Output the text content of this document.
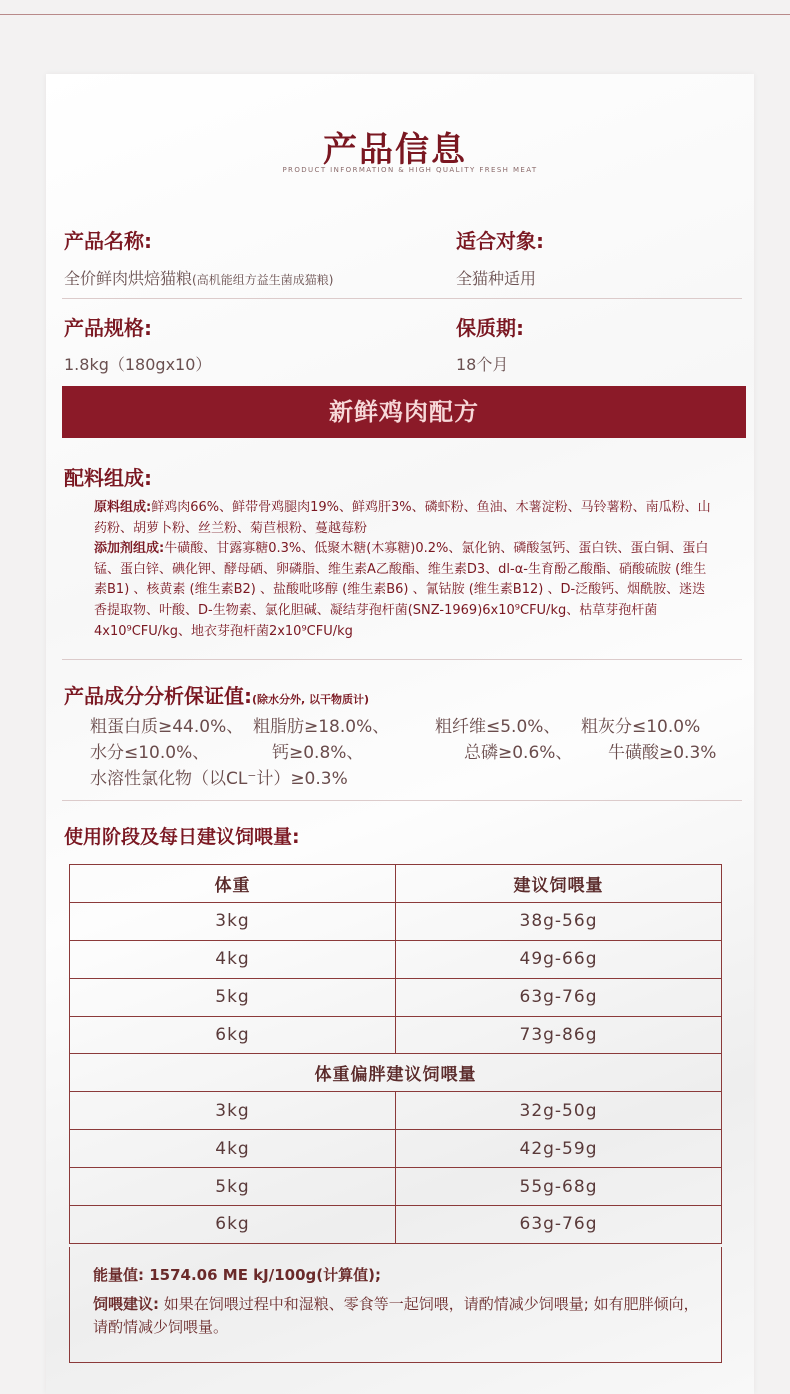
产品信息
PRODUCT INFORMATION & HIGH QUALITY FRESH MEAT
产品名称:
全价鲜肉烘焙猫粮(高机能组方益生菌成猫粮)
适合对象:
全猫种适用
产品规格:
1.8kg（180gx10）
保质期:
18个月
新鲜鸡肉配方
配料组成:
原料组成:鲜鸡肉66%、鲜带骨鸡腿肉19%、鲜鸡肝3%、磷虾粉、鱼油、木薯淀粉、马铃薯粉、南瓜粉、山药粉、胡萝卜粉、丝兰粉、菊苣根粉、蔓越莓粉
添加剂组成:牛磺酸、甘露寡糖0.3%、低聚木糖(木寡糖)0.2%、氯化钠、磷酸氢钙、蛋白铁、蛋白铜、蛋白锰、蛋白锌、碘化钾、酵母硒、卵磷脂、维生素A乙酸酯、维生素D3、dl-α-生育酚乙酸酯、硝酸硫胺 (维生素B1) 、核黄素 (维生素B2) 、盐酸吡哆醇 (维生素B6) 、氰钴胺 (维生素B12) 、D-泛酸钙、烟酰胺、迷迭香提取物、叶酸、D-生物素、氯化胆碱、凝结芽孢杆菌(SNZ-1969)6x10⁹CFU/kg、枯草芽孢杆菌4x10⁹CFU/kg、地衣芽孢杆菌2x10⁹CFU/kg
产品成分分析保证值:(除水分外, 以干物质计)
粗蛋白质≥44.0%、 粗脂肪≥18.0%、	粗纤维≤5.0%、	粗灰分≤10.0%
水分≤10.0%、	钙≥0.8%、	总磷≥0.6%、	牛磺酸≥0.3%
水溶性氯化物（以CL⁻计）≥0.3%
使用阶段及每日建议饲喂量:
体重	建议饲喂量
3kg	38g-56g
4kg	49g-66g
5kg	63g-76g
6kg	73g-86g
体重偏胖建议饲喂量	
3kg	32g-50g
4kg	42g-59g
5kg	55g-68g
6kg	63g-76g

能量值: 1574.06 ME kJ/100g(计算值);

饲喂建议: 如果在饲喂过程中和湿粮、零食等一起饲喂，请酌情减少饲喂量; 如有肥胖倾向，请酌情减少饲喂量。
